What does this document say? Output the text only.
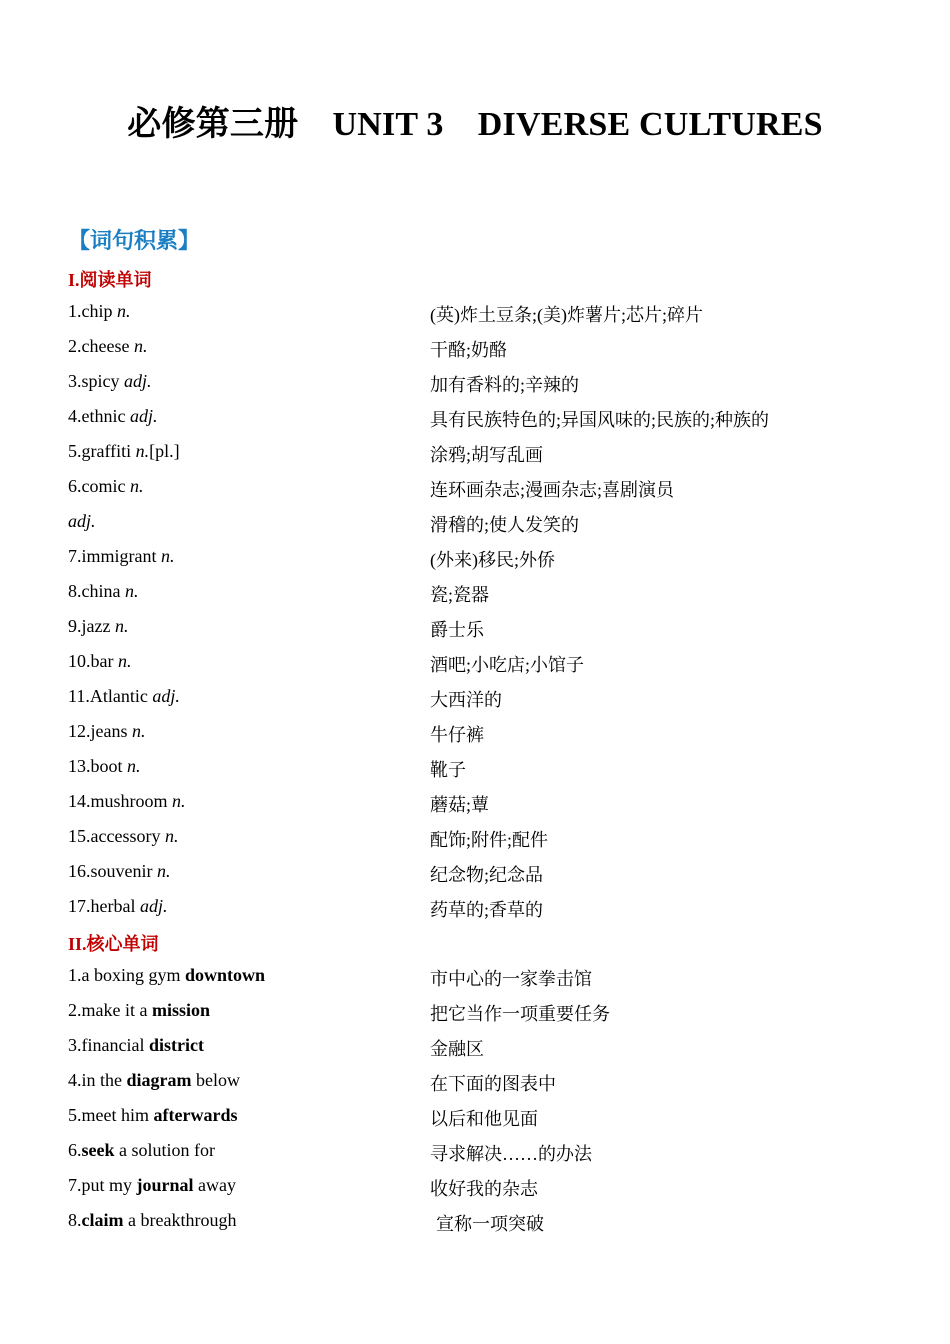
必修第三册　UNIT 3　DIVERSE CULTURES
【词句积累】
I.阅读单词
1.chip n.	(英)炸土豆条;(美)炸薯片;芯片;碎片
2.cheese n.	干酪;奶酪
3.spicy adj.	加有香料的;辛辣的
4.ethnic adj.	具有民族特色的;异国风味的;民族的;种族的
5.graffiti n.[pl.]	涂鸦;胡写乱画
6.comic n.	连环画杂志;漫画杂志;喜剧演员
adj.	滑稽的;使人发笑的
7.immigrant n.	(外来)移民;外侨
8.china n.	瓷;瓷器
9.jazz n.	爵士乐
10.bar n.	酒吧;小吃店;小馆子
11.Atlantic adj.	大西洋的
12.jeans n.	牛仔裤
13.boot n.	靴子
14.mushroom n.	蘑菇;蕈
15.accessory n.	配饰;附件;配件
16.souvenir n.	纪念物;纪念品
17.herbal adj.	药草的;香草的
II.核心单词
1.a boxing gym downtown	市中心的一家拳击馆
2.make it a mission	把它当作一项重要任务
3.financial district	金融区
4.in the diagram below	在下面的图表中
5.meet him afterwards	以后和他见面
6.seek a solution for	寻求解决……的办法
7.put my journal away	收好我的杂志
8.claim a breakthrough	宣称一项突破
